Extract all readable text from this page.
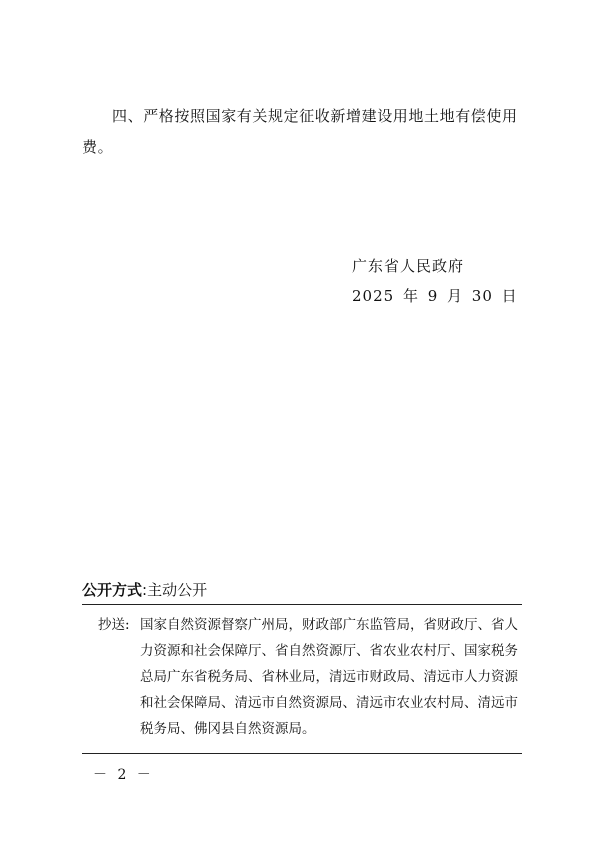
四、严格按照国家有关规定征收新增建设用地土地有偿使用费。
广东省人民政府
2025 年 9 月 30 日
公开方式:主动公开
抄送: 国家自然资源督察广州局，财政部广东监管局，省财政厅、省人力资源和社会保障厅、省自然资源厅、省农业农村厅、国家税务总局广东省税务局、省林业局，清远市财政局、清远市人力资源和社会保障局、清远市自然资源局、清远市农业农村局、清远市税务局、佛冈县自然资源局。
－ 2 －
